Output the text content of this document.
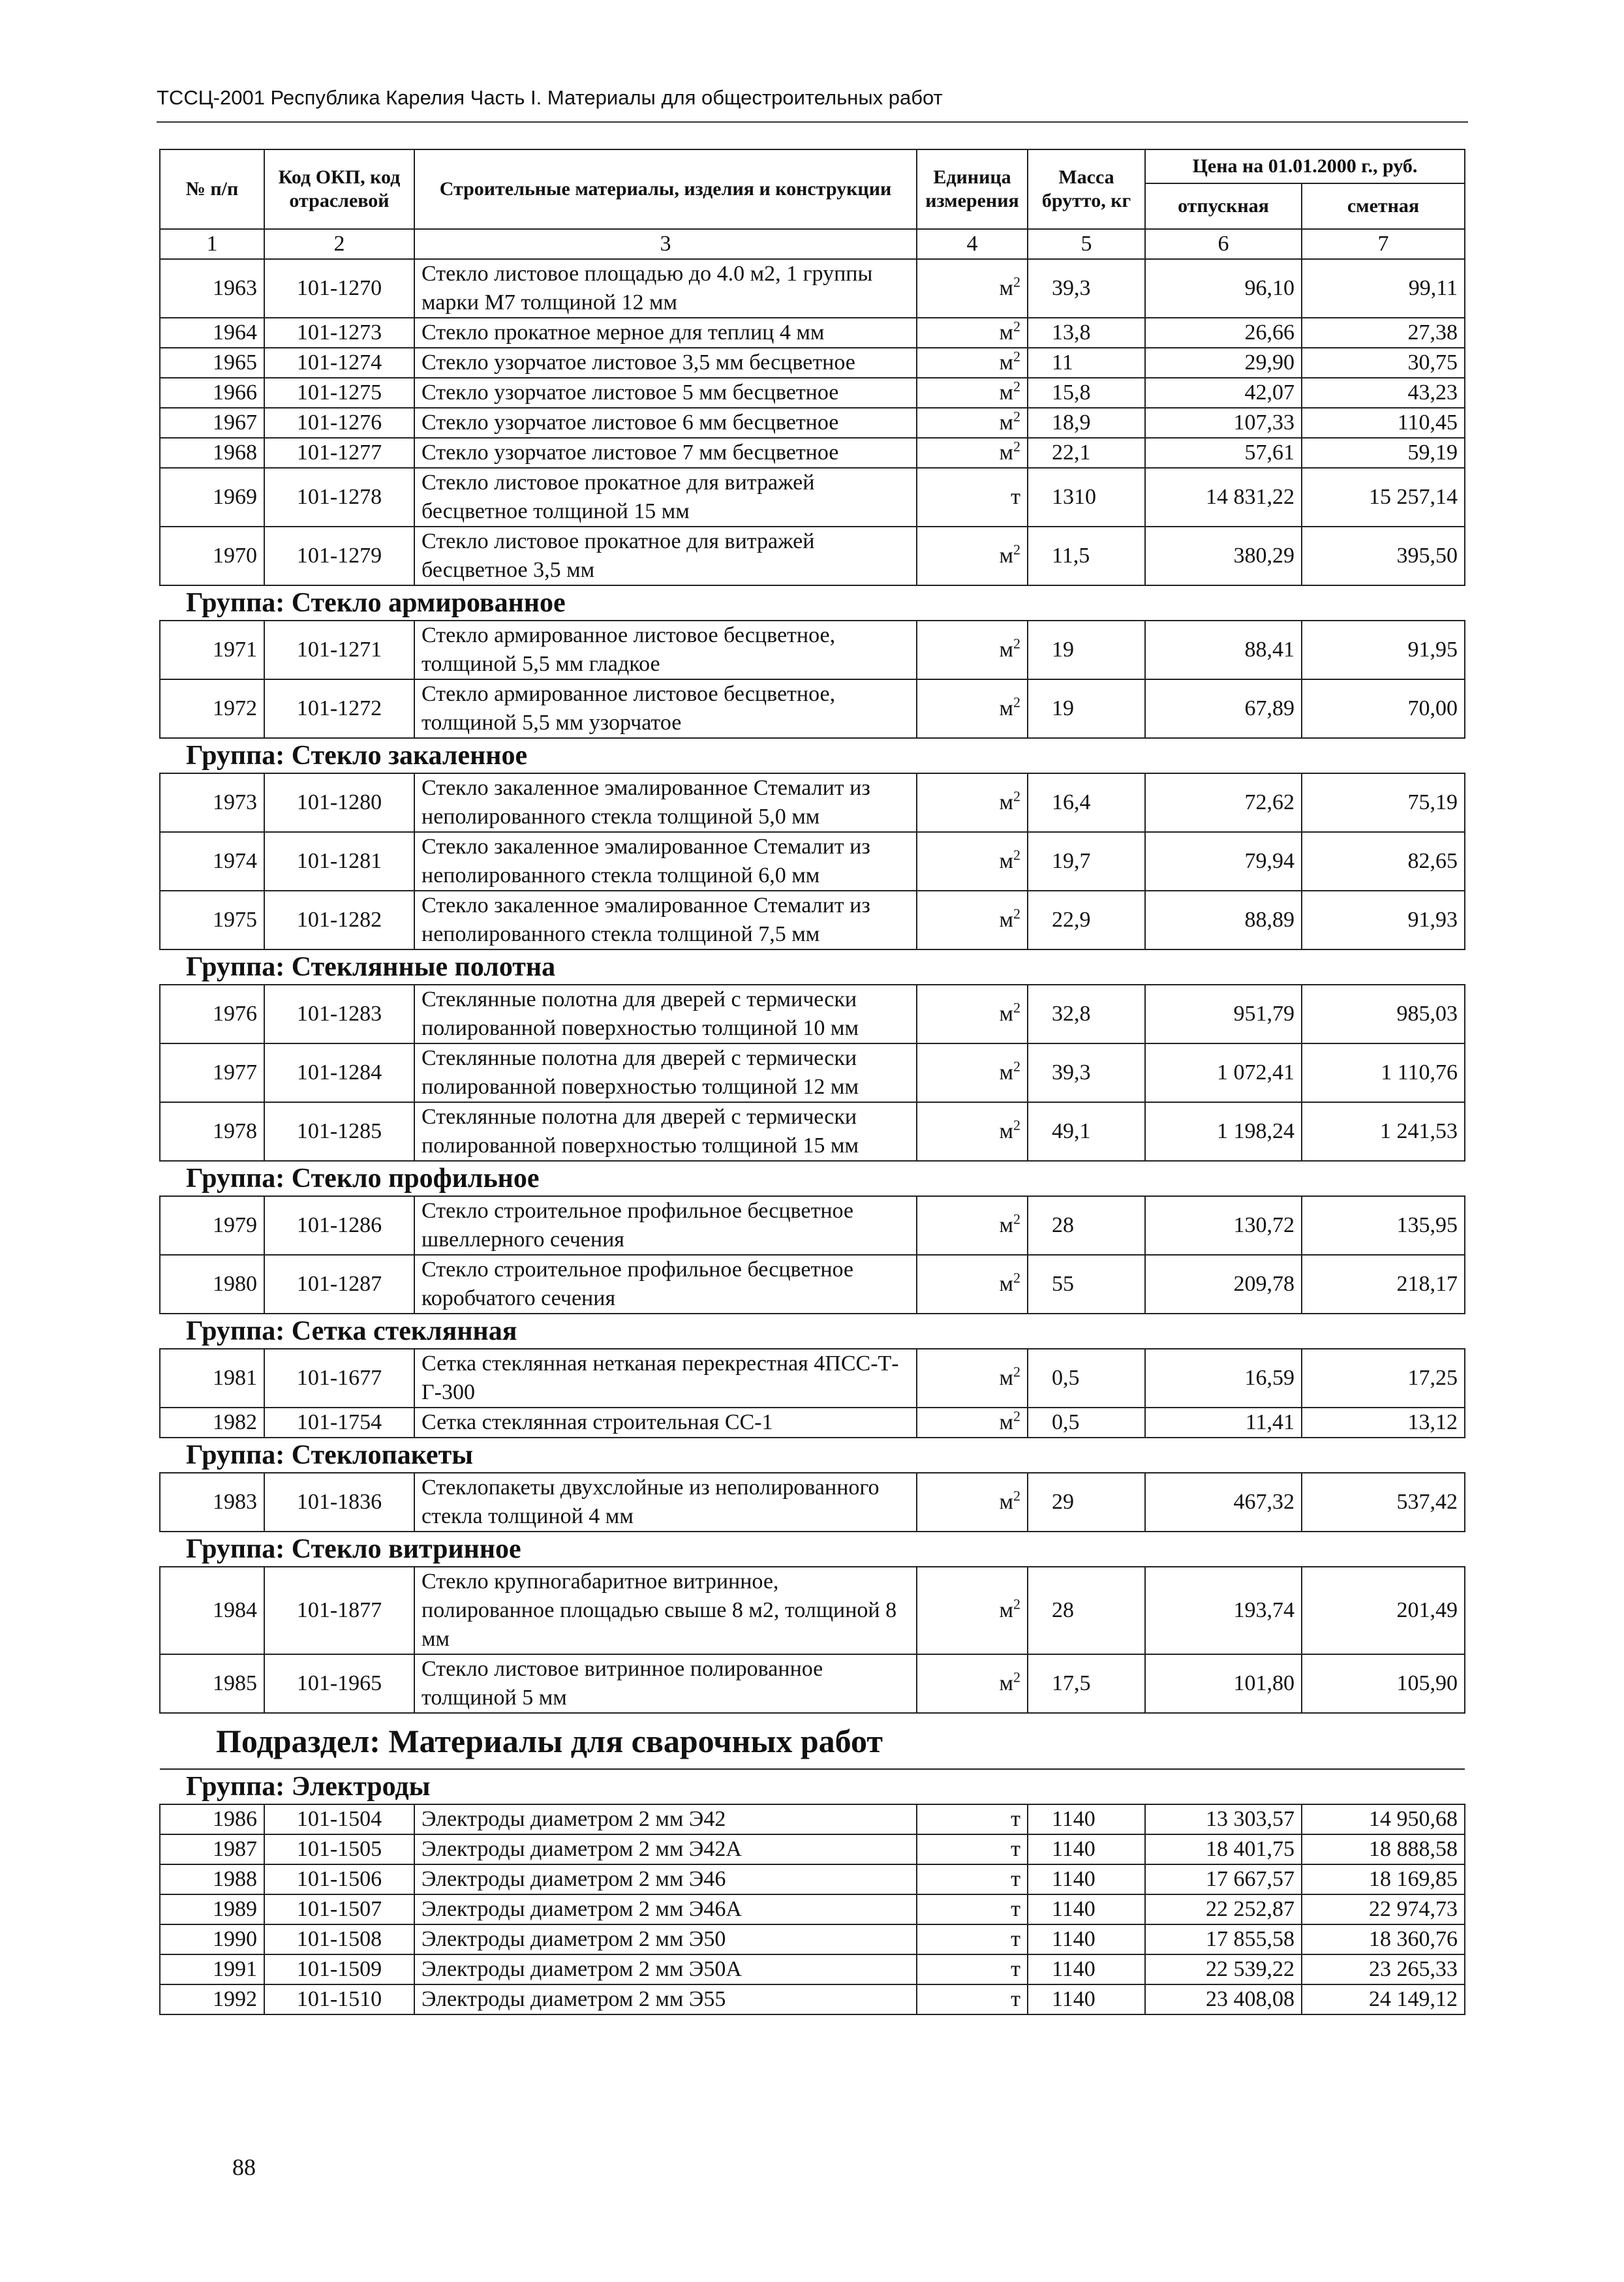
ТССЦ-2001 Республика Карелия Часть I. Материалы для общестроительных работ
№ п/п	Код ОКП, код отраслевой	Строительные материалы, изделия и конструкции	Единица измерения	Масса брутто, кг	Цена на 01.01.2000 г., руб.	
					отпускная	сметная
1	2	3	4	5	6	7
1963	101-1270	Стекло листовое площадью до 4.0 м2, 1 группы марки М7 толщиной 12 мм	$м^2$	39,3	96,10	99,11
1964	101-1273	Стекло прокатное мерное для теплиц 4 мм	$м^2$	13,8	26,66	27,38
1965	101-1274	Стекло узорчатое листовое 3,5 мм бесцветное	$м^2$	11	29,90	30,75
1966	101-1275	Стекло узорчатое листовое 5 мм бесцветное	$м^2$	15,8	42,07	43,23
1967	101-1276	Стекло узорчатое листовое 6 мм бесцветное	$м^2$	18,9	107,33	110,45
1968	101-1277	Стекло узорчатое листовое 7 мм бесцветное	$м^2$	22,1	57,61	59,19
1969	101-1278	Стекло листовое прокатное для витражей бесцветное толщиной 15 мм	т	1310	14 831,22	15 257,14
1970	101-1279	Стекло листовое прокатное для витражей бесцветное 3,5 мм	$м^2$	11,5	380,29	395,50
Группа: Стекло армированное						
1971	101-1271	Стекло армированное листовое бесцветное, толщиной 5,5 мм гладкое	$м^2$	19	88,41	91,95
1972	101-1272	Стекло армированное листовое бесцветное, толщиной 5,5 мм узорчатое	$м^2$	19	67,89	70,00
Группа: Стекло закаленное						
1973	101-1280	Стекло закаленное эмалированное Стемалит из неполированного стекла толщиной 5,0 мм	$м^2$	16,4	72,62	75,19
1974	101-1281	Стекло закаленное эмалированное Стемалит из неполированного стекла толщиной 6,0 мм	$м^2$	19,7	79,94	82,65
1975	101-1282	Стекло закаленное эмалированное Стемалит из неполированного стекла толщиной 7,5 мм	$м^2$	22,9	88,89	91,93
Группа: Стеклянные полотна						
1976	101-1283	Стеклянные полотна для дверей с термически полированной поверхностью толщиной 10 мм	$м^2$	32,8	951,79	985,03
1977	101-1284	Стеклянные полотна для дверей с термически полированной поверхностью толщиной 12 мм	$м^2$	39,3	1 072,41	1 110,76
1978	101-1285	Стеклянные полотна для дверей с термически полированной поверхностью толщиной 15 мм	$м^2$	49,1	1 198,24	1 241,53
Группа: Стекло профильное						
1979	101-1286	Стекло строительное профильное бесцветное швеллерного сечения	$м^2$	28	130,72	135,95
1980	101-1287	Стекло строительное профильное бесцветное коробчатого сечения	$м^2$	55	209,78	218,17
Группа: Сетка стеклянная						
1981	101-1677	Сетка стеклянная нетканая перекрестная 4ПСС-Т-Г-300	$м^2$	0,5	16,59	17,25
1982	101-1754	Сетка стеклянная строительная СС-1	$м^2$	0,5	11,41	13,12
Группа: Стеклопакеты						
1983	101-1836	Стеклопакеты двухслойные из неполированного стекла толщиной 4 мм	$м^2$	29	467,32	537,42
Группа: Стекло витринное						
1984	101-1877	Стекло крупногабаритное витринное, полированное площадью свыше 8 м2, толщиной 8 мм	$м^2$	28	193,74	201,49
1985	101-1965	Стекло листовое витринное полированное толщиной 5 мм	$м^2$	17,5	101,80	105,90
Подраздел: Материалы для сварочных работ						
Группа: Электроды						
1986	101-1504	Электроды диаметром 2 мм Э42	т	1140	13 303,57	14 950,68
1987	101-1505	Электроды диаметром 2 мм Э42А	т	1140	18 401,75	18 888,58
1988	101-1506	Электроды диаметром 2 мм Э46	т	1140	17 667,57	18 169,85
1989	101-1507	Электроды диаметром 2 мм Э46А	т	1140	22 252,87	22 974,73
1990	101-1508	Электроды диаметром 2 мм Э50	т	1140	17 855,58	18 360,76
1991	101-1509	Электроды диаметром 2 мм Э50А	т	1140	22 539,22	23 265,33
1992	101-1510	Электроды диаметром 2 мм Э55	т	1140	23 408,08	24 149,12
88
